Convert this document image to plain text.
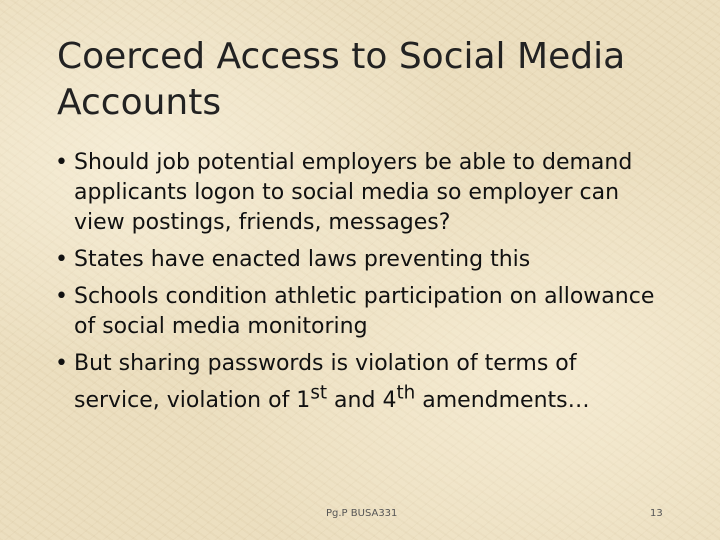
Coerced Access to Social Media Accounts
• Should job potential employers be able to demand applicants logon to social media so employer can view postings, friends, messages?
• States have enacted laws preventing this
• Schools condition athletic participation on allowance of social media monitoring
• But sharing passwords is violation of terms of service, violation of 1st and 4th amendments…
Pg.P BUSA331	13
